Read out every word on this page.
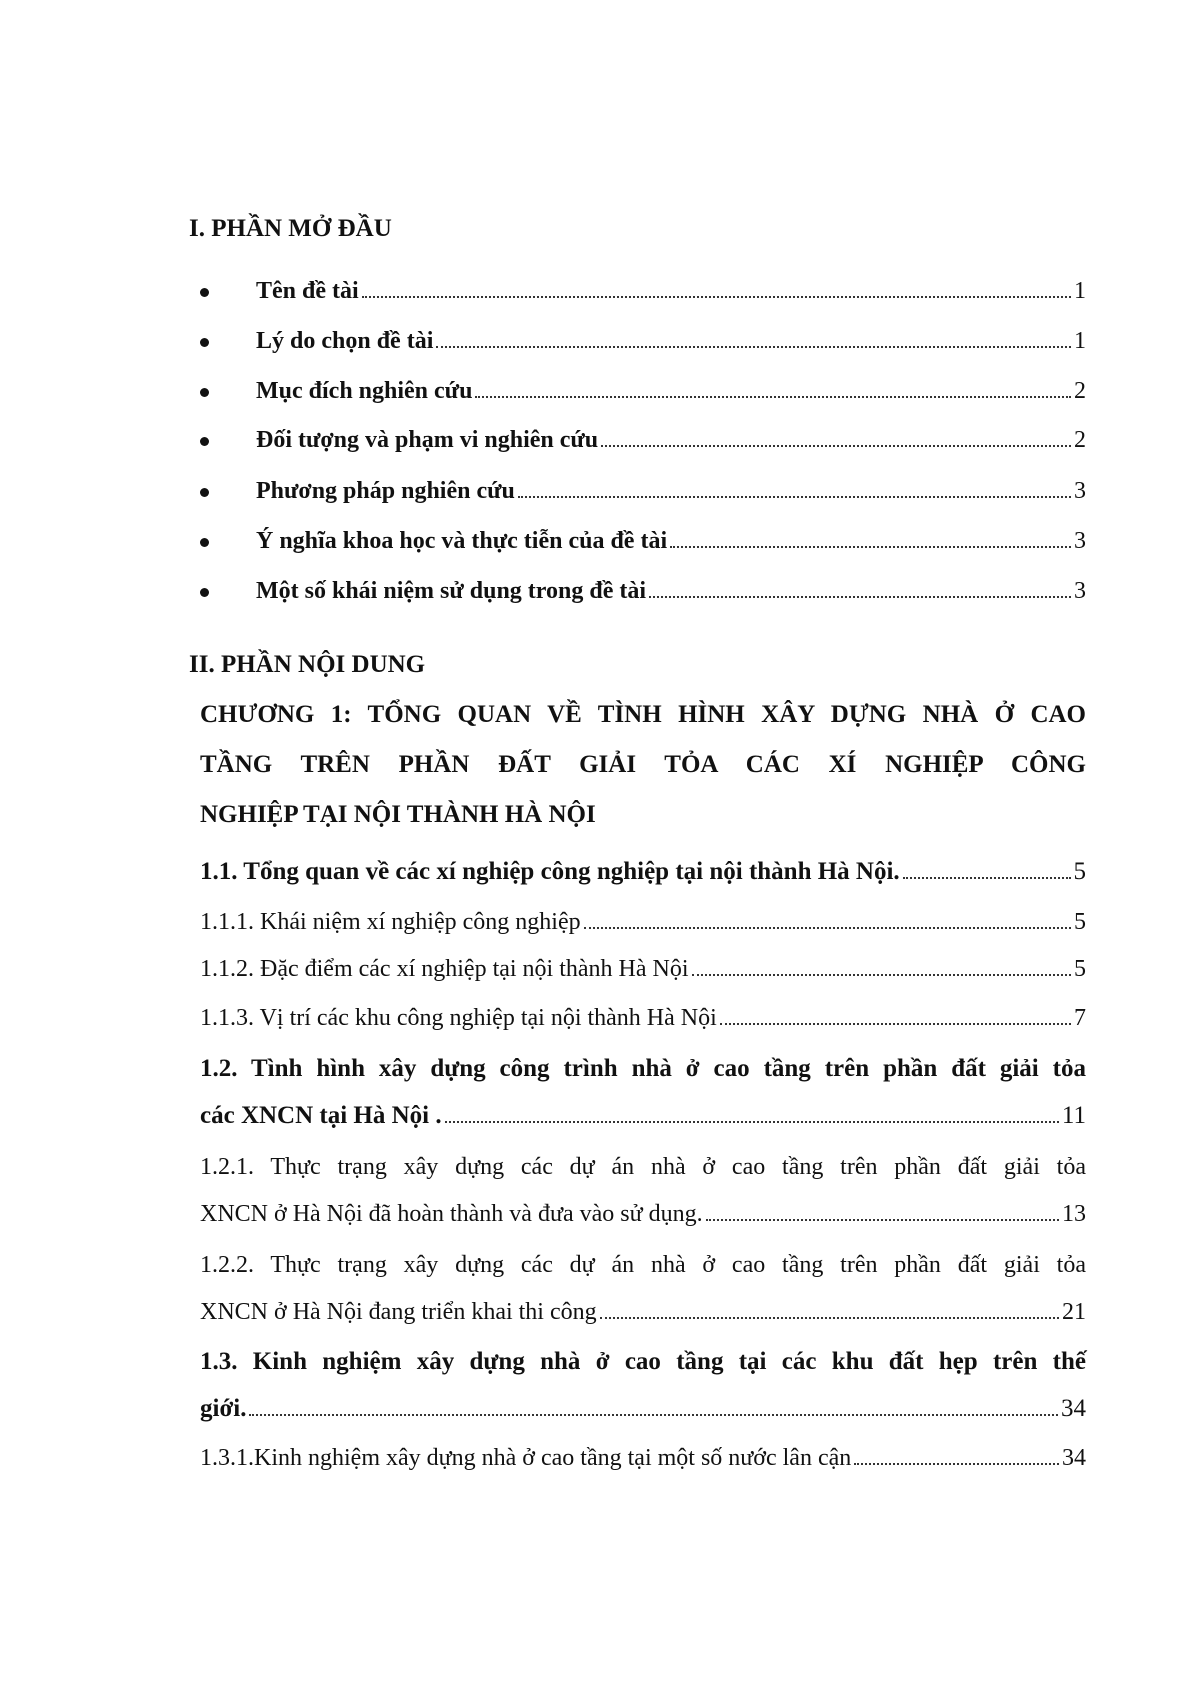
I. PHẦN MỞ ĐẦU
Tên đề tài	1
Lý do chọn đề tài	1
Mục đích nghiên cứu	2
Đối tượng và phạm vi nghiên cứu	2
Phương pháp nghiên cứu	3
Ý nghĩa khoa học và thực tiễn của đề tài	3
Một số khái niệm sử dụng trong đề tài	3
II. PHẦN NỘI DUNG
CHƯƠNG 1: TỔNG QUAN VỀ TÌNH HÌNH XÂY DỰNG NHÀ Ở CAO
TẦNG TRÊN PHẦN ĐẤT GIẢI TỎA CÁC XÍ NGHIỆP CÔNG
NGHIỆP TẠI NỘI THÀNH HÀ NỘI
1.1. Tổng quan về các xí nghiệp công nghiệp tại nội thành Hà Nội.	5
1.1.1. Khái niệm xí nghiệp công nghiệp	5
1.1.2. Đặc điểm các xí nghiệp tại nội thành Hà Nội	5
1.1.3. Vị trí các khu công nghiệp tại nội thành Hà Nội	7
1.2. Tình hình xây dựng công trình nhà ở cao tầng trên phần đất giải tỏa
các XNCN tại Hà Nội .	11
1.2.1. Thực trạng xây dựng các dự án nhà ở cao tầng trên phần đất giải tỏa
XNCN ở Hà Nội đã hoàn thành và đưa vào sử dụng.	13
1.2.2. Thực trạng xây dựng các dự án nhà ở cao tầng trên phần đất giải tỏa
XNCN ở Hà Nội đang triển khai thi công	21
1.3. Kinh nghiệm xây dựng nhà ở cao tầng tại các khu đất hẹp trên thế
giới.	34
1.3.1.Kinh nghiệm xây dựng nhà ở cao tầng tại một số nước lân cận	34
